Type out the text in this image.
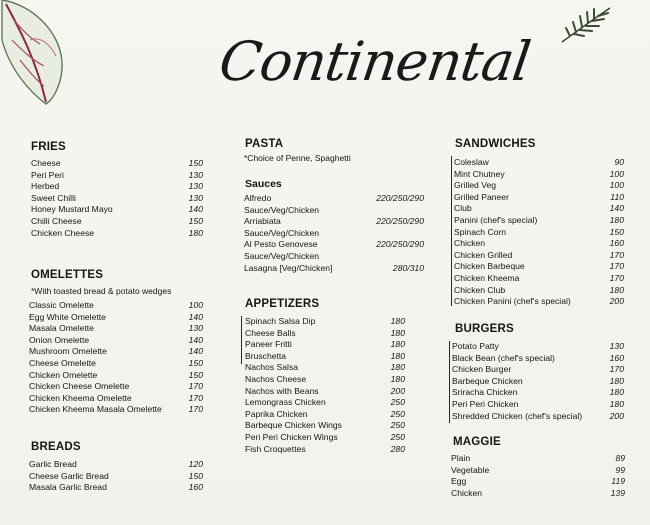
Continental
FRIES
Cheese	150
Peri Peri	130
Herbed	130
Sweet Chilli	130
Honey Mustard Mayo	140
Chilli Cheese	150
Chicken Cheese	180
OMELETTES
*With toasted bread & potato wedges
Classic Omelette	100
Egg White Omelette	140
Masala Omelette	130
Onion Omelette	140
Mushroom Omelette	140
Cheese Omelette	150
Chicken Omelette	150
Chicken Cheese Omelette	170
Chicken Kheema Omelette	170
Chicken Kheema Masala Omelette	170
BREADS
Garlic Bread	120
Cheese Garlic Bread	150
Masala Garlic Bread	160
PASTA
*Choice of Penne, Spaghetti
Sauces
Alfredo	220/250/290
Sauce/Veg/Chicken
Arriabiata	220/250/290
Sauce/Veg/Chicken
Al Pesto Genovese	220/250/290
Sauce/Veg/Chicken
Lasagna [Veg/Chicken]	280/310
APPETIZERS
Spinach Salsa Dip	180
Cheese Balls	180
Paneer Fritti	180
Bruschetta	180
Nachos Salsa	180
Nachos Cheese	180
Nachos with Beans	200
Lemongrass Chicken	250
Paprika Chicken	250
Barbeque Chicken Wings	250
Peri Peri Chicken Wings	250
Fish Croquettes	280
SANDWICHES
Coleslaw	90
Mint Chutney	100
Grilled Veg	100
Grilled Paneer	110
Club	140
Panini (chef's special)	180
Spinach Corn	150
Chicken	160
Chicken Grilled	170
Chicken Barbeque	170
Chicken Kheema	170
Chicken Club	180
Chicken Panini (chef's special)	200
BURGERS
Potato Patty	130
Black Bean (chef's special)	160
Chicken Burger	170
Barbeque Chicken	180
Sriracha Chicken	180
Peri Peri Chicken	180
Shredded Chicken (chef's special)	200
MAGGIE
Plain	89
Vegetable	99
Egg	119
Chicken	139
